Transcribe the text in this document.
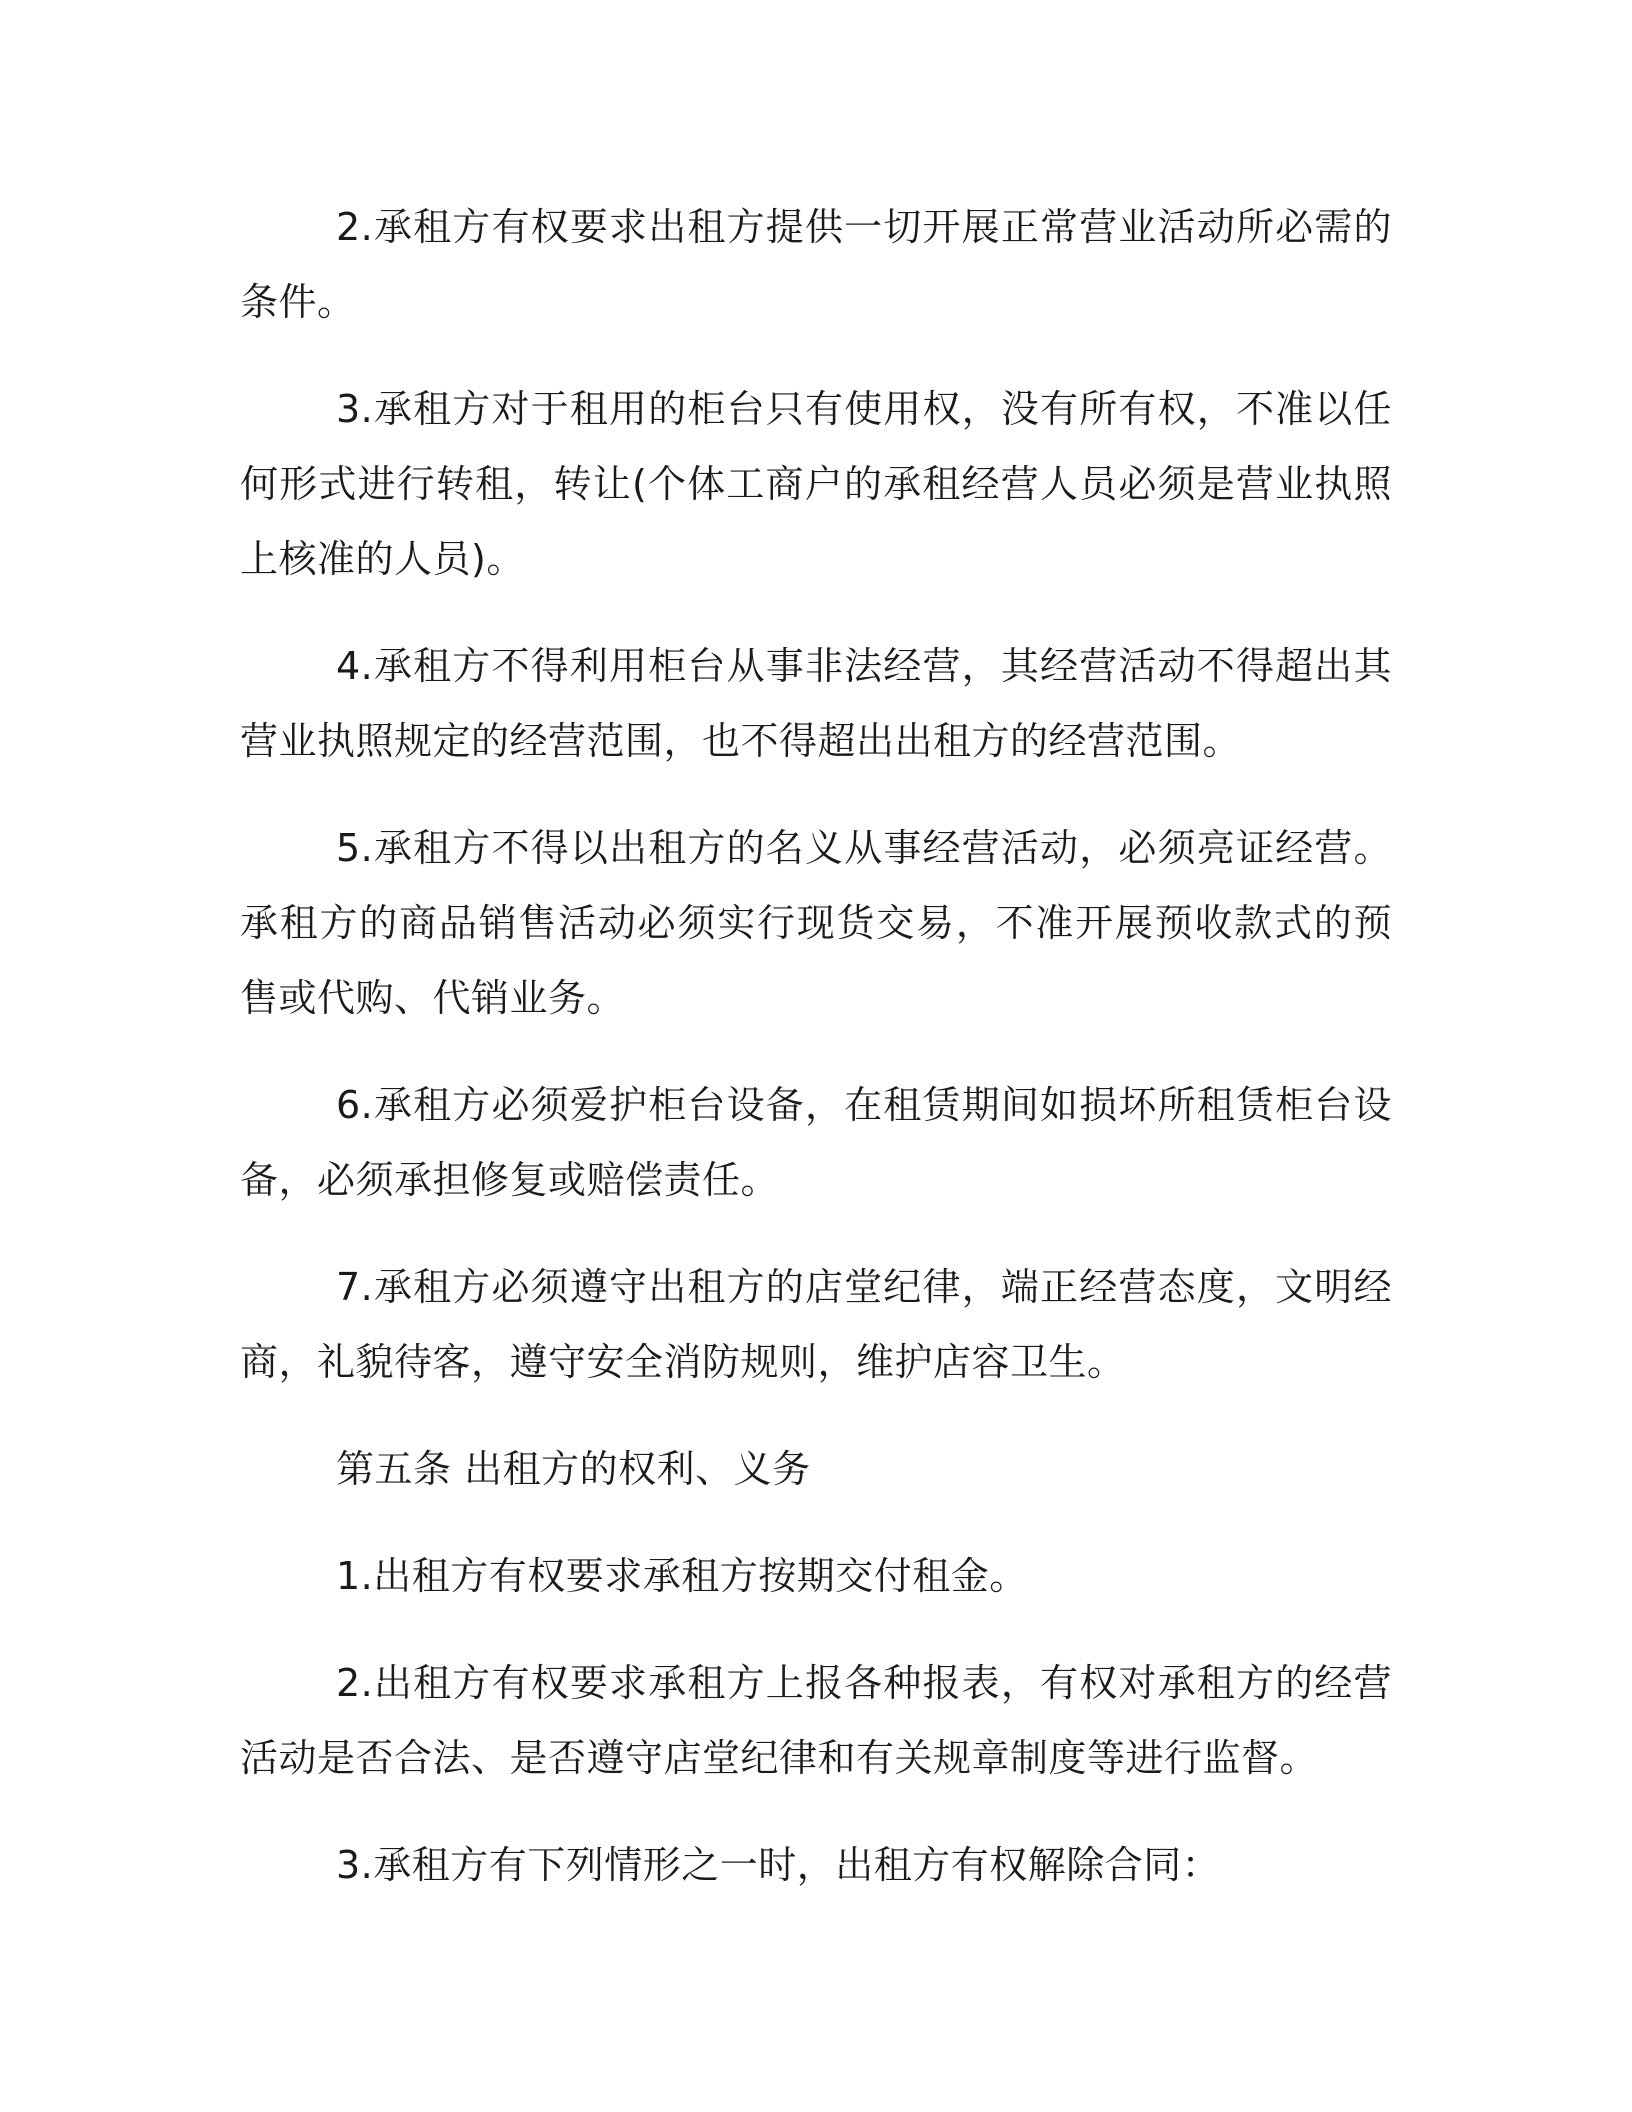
2.承租方有权要求出租方提供一切开展正常营业活动所必需的条件。

3.承租方对于租用的柜台只有使用权，没有所有权，不准以任何形式进行转租，转让(个体工商户的承租经营人员必须是营业执照上核准的人员)。

4.承租方不得利用柜台从事非法经营，其经营活动不得超出其营业执照规定的经营范围，也不得超出出租方的经营范围。

5.承租方不得以出租方的名义从事经营活动，必须亮证经营。承租方的商品销售活动必须实行现货交易，不准开展预收款式的预售或代购、代销业务。

6.承租方必须爱护柜台设备，在租赁期间如损坏所租赁柜台设备，必须承担修复或赔偿责任。

7.承租方必须遵守出租方的店堂纪律，端正经营态度，文明经商，礼貌待客，遵守安全消防规则，维护店容卫生。

第五条 出租方的权利、义务

1.出租方有权要求承租方按期交付租金。

2.出租方有权要求承租方上报各种报表，有权对承租方的经营活动是否合法、是否遵守店堂纪律和有关规章制度等进行监督。

3.承租方有下列情形之一时，出租方有权解除合同：
